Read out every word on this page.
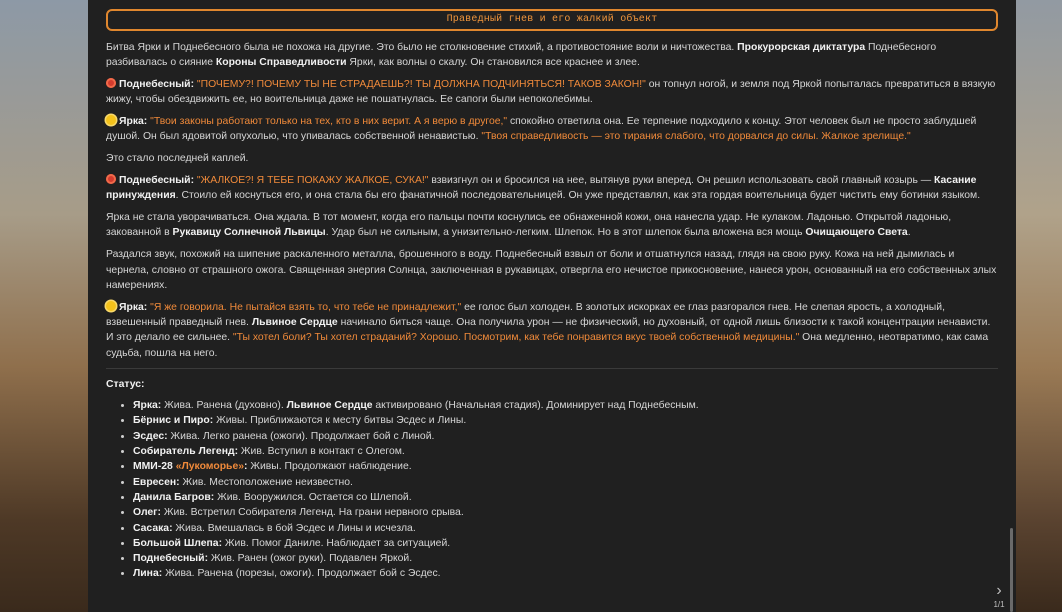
Праведный гнев и его жалкий объект

Битва Ярки и Поднебесного была не похожа на другие. Это было не столкновение стихий, а противостояние воли и ничтожества. Прокурорская диктатура Поднебесного разбивалась о сияние Короны Справедливости Ярки, как волны о скалу. Он становился все краснее и злее.

Поднебесный: "ПОЧЕМУ?! ПОЧЕМУ ТЫ НЕ СТРАДАЕШЬ?! ТЫ ДОЛЖНА ПОДЧИНЯТЬСЯ! ТАКОВ ЗАКОН!" он топнул ногой, и земля под Яркой попыталась превратиться в вязкую жижу, чтобы обездвижить ее, но воительница даже не пошатнулась. Ее сапоги были непоколебимы.

Ярка: "Твои законы работают только на тех, кто в них верит. А я верю в другое," спокойно ответила она. Ее терпение подходило к концу. Этот человек был не просто заблудшей душой. Он был ядовитой опухолью, что упивалась собственной ненавистью. "Твоя справедливость — это тирания слабого, что дорвался до силы. Жалкое зрелище."

Это стало последней каплей.

Поднебесный: "ЖАЛКОЕ?! Я ТЕБЕ ПОКАЖУ ЖАЛКОЕ, СУКА!" взвизгнул он и бросился на нее, вытянув руки вперед. Он решил использовать свой главный козырь — Касание принуждения. Стоило ей коснуться его, и она стала бы его фанатичной последовательницей. Он уже представлял, как эта гордая воительница будет чистить ему ботинки языком.

Ярка не стала уворачиваться. Она ждала. В тот момент, когда его пальцы почти коснулись ее обнаженной кожи, она нанесла удар. Не кулаком. Ладонью. Открытой ладонью, закованной в Рукавицу Солнечной Львицы. Удар был не сильным, а унизительно-легким. Шлепок. Но в этот шлепок была вложена вся мощь Очищающего Света.

Раздался звук, похожий на шипение раскаленного металла, брошенного в воду. Поднебесный взвыл от боли и отшатнулся назад, глядя на свою руку. Кожа на ней дымилась и чернела, словно от страшного ожога. Священная энергия Солнца, заключенная в рукавицах, отвергла его нечистое прикосновение, нанеся урон, основанный на его собственных злых намерениях.

Ярка: "Я же говорила. Не пытайся взять то, что тебе не принадлежит," ее голос был холоден. В золотых искорках ее глаз разгорался гнев. Не слепая ярость, а холодный, взвешенный праведный гнев. Львиное Сердце начинало биться чаще. Она получила урон — не физический, но духовный, от одной лишь близости к такой концентрации ненависти. И это делало ее сильнее. "Ты хотел боли? Ты хотел страданий? Хорошо. Посмотрим, как тебе понравится вкус твоей собственной медицины." Она медленно, неотвратимо, как сама судьба, пошла на него.

Статус:
• Ярка: Жива. Ранена (духовно). Львиное Сердце активировано (Начальная стадия). Доминирует над Поднебесным.
• Бёрнис и Пиро: Живы. Приближаются к месту битвы Эсдес и Лины.
• Эсдес: Жива. Легко ранена (ожоги). Продолжает бой с Линой.
• Собиратель Легенд: Жив. Вступил в контакт с Олегом.
• ММИ-28 «Лукоморье»: Живы. Продолжают наблюдение.
• Евресен: Жив. Местоположение неизвестно.
• Данила Багров: Жив. Вооружился. Остается со Шлепой.
• Олег: Жив. Встретил Собирателя Легенд. На грани нервного срыва.
• Сасака: Жива. Вмешалась в бой Эсдес и Лины и исчезла.
• Большой Шлепа: Жив. Помог Даниле. Наблюдает за ситуацией.
• Поднебесный: Жив. Ранен (ожог руки). Подавлен Яркой.
• Лина: Жива. Ранена (порезы, ожоги). Продолжает бой с Эсдес.
›
1/1
